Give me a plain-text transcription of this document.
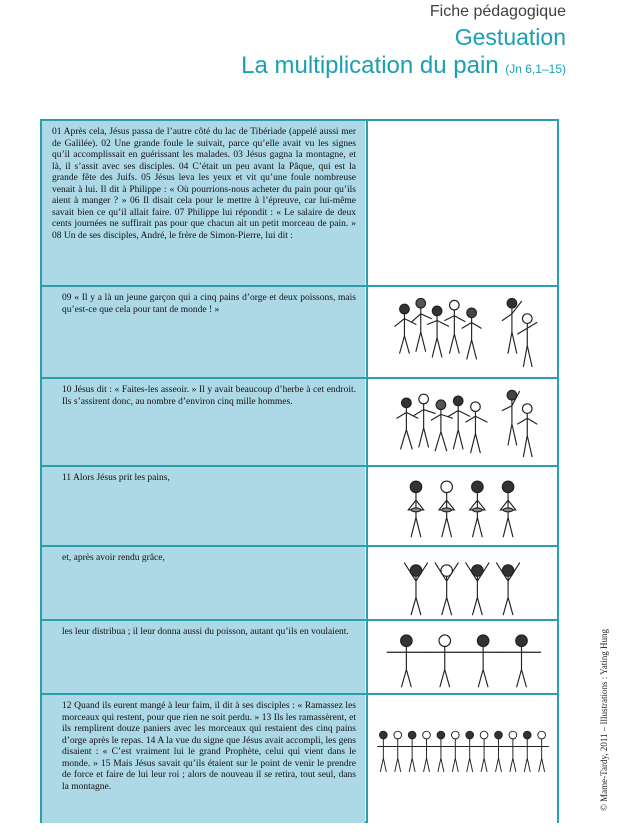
Fiche pédagogique
Gestuation
La multiplication du pain (Jn 6,1–15)
01 Après cela, Jésus passa de l’autre côté du lac de Tibériade (appelé aussi mer de Galilée). 02 Une grande foule le suivait, parce qu’elle avait vu les signes qu’il accomplissait en guérissant les malades. 03 Jésus gagna la montagne, et là, il s’assit avec ses disciples. 04 C’était un peu avant la Pâque, qui est la grande fête des Juifs. 05 Jésus leva les yeux et vit qu’une foule nombreuse venait à lui. Il dit à Philippe : « Où pourrions-nous acheter du pain pour qu’ils aient à manger ? » 06 Il disait cela pour le mettre à l’épreuve, car lui-même savait bien ce qu’il allait faire. 07 Philippe lui répondit : « Le salaire de deux cents journées ne suffirait pas pour que chacun ait un petit morceau de pain. » 08 Un de ses disciples, André, le frère de Simon-Pierre, lui dit :
09 « Il y a là un jeune garçon qui a cinq pains d’orge et deux poissons, mais qu’est-ce que cela pour tant de monde ! »
10 Jésus dit : « Faites-les asseoir. » Il y avait beaucoup d’herbe à cet endroit. Ils s’assirent donc, au nombre d’environ cinq mille hommes.
11 Alors Jésus prit les pains,
et, après avoir rendu grâce,
les leur distribua ; il leur donna aussi du poisson, autant qu’ils en voulaient.
12 Quand ils eurent mangé à leur faim, il dit à ses disciples : « Ramassez les morceaux qui restent, pour que rien ne soit perdu. » 13 Ils les ramassèrent, et ils remplirent douze paniers avec les morceaux qui restaient des cinq pains d’orge après le repas. 14 A la vue du signe que Jésus avait accompli, les gens disaient : « C’est vraiment lui le grand Prophète, celui qui vient dans le monde. » 15 Mais Jésus savait qu’ils étaient sur le point de venir le prendre de force et faire de lui leur roi ; alors de nouveau il se retira, tout seul, dans la montagne.	© Mame-Tardy, 2011 – Illustrations : Yating Hung
